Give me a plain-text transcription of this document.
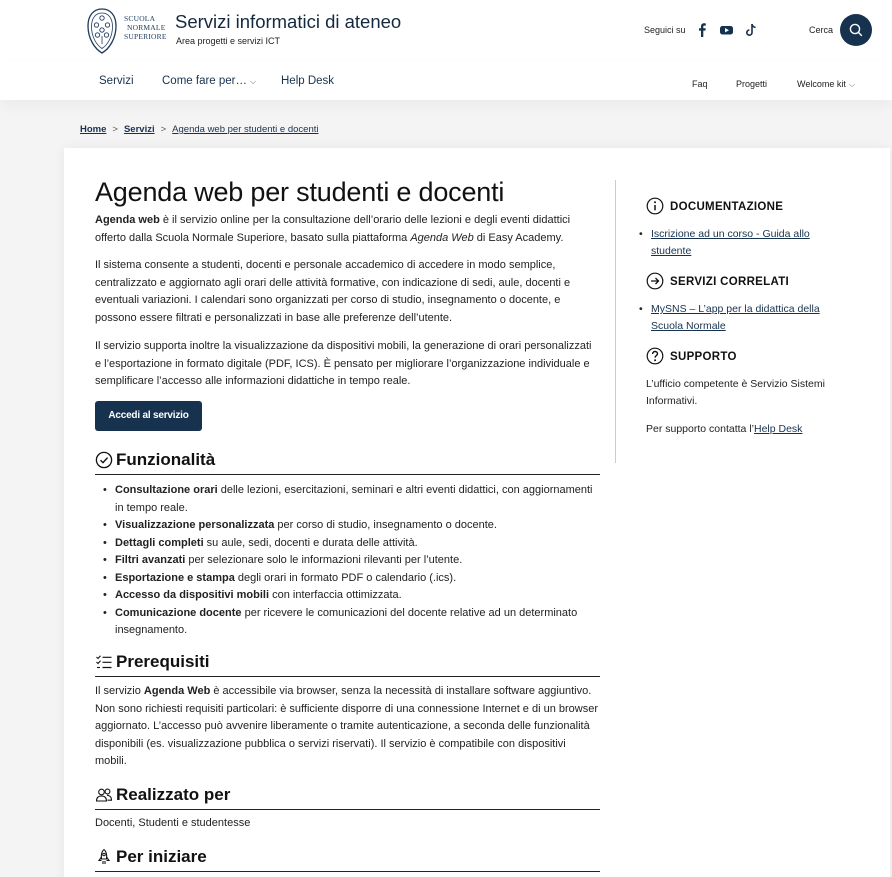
SCUOLA
NORMALE
SUPERIORE
Servizi informatici di ateneo
Area progetti e servizi ICT
Seguici su	Cerca
Servizi Come fare per… ⌵ Help Desk	Faq	Progetti	Welcome kit ⌵
Home > Servizi > Agenda web per studenti e docenti
Agenda web per studenti e docenti

Agenda web è il servizio online per la consultazione dell’orario delle lezioni e degli eventi didattici offerto dalla Scuola Normale Superiore, basato sulla piattaforma Agenda Web di Easy Academy.

Il sistema consente a studenti, docenti e personale accademico di accedere in modo semplice, centralizzato e aggiornato agli orari delle attività formative, con indicazione di sedi, aule, docenti e eventuali variazioni. I calendari sono organizzati per corso di studio, insegnamento o docente, e possono essere filtrati e personalizzati in base alle preferenze dell’utente.

Il servizio supporta inoltre la visualizzazione da dispositivi mobili, la generazione di orari personalizzati e l’esportazione in formato digitale (PDF, ICS). È pensato per migliorare l’organizzazione individuale e semplificare l’accesso alle informazioni didattiche in tempo reale.

Accedi al servizio
Funzionalità
• Consultazione orari delle lezioni, esercitazioni, seminari e altri eventi didattici, con aggiornamenti in tempo reale.
• Visualizzazione personalizzata per corso di studio, insegnamento o docente.
• Dettagli completi su aule, sedi, docenti e durata delle attività.
• Filtri avanzati per selezionare solo le informazioni rilevanti per l’utente.
• Esportazione e stampa degli orari in formato PDF o calendario (.ics).
• Accesso da dispositivi mobili con interfaccia ottimizzata.
• Comunicazione docente per ricevere le comunicazioni del docente relative ad un determinato insegnamento.
Prerequisiti

Il servizio Agenda Web è accessibile via browser, senza la necessità di installare software aggiuntivo. Non sono richiesti requisiti particolari: è sufficiente disporre di una connessione Internet e di un browser aggiornato. L’accesso può avvenire liberamente o tramite autenticazione, a seconda delle funzionalità disponibili (es. visualizzazione pubblica o servizi riservati). Il servizio è compatibile con dispositivi mobili.

Realizzato per

Docenti, Studenti e studentesse

Per iniziare
DOCUMENTAZIONE
• Iscrizione ad un corso - Guida allo studente
SERVIZI CORRELATI
• MySNS – L’app per la didattica della Scuola Normale
SUPPORTO

L’ufficio competente è Servizio Sistemi Informativi.

Per supporto contatta l’Help Desk
